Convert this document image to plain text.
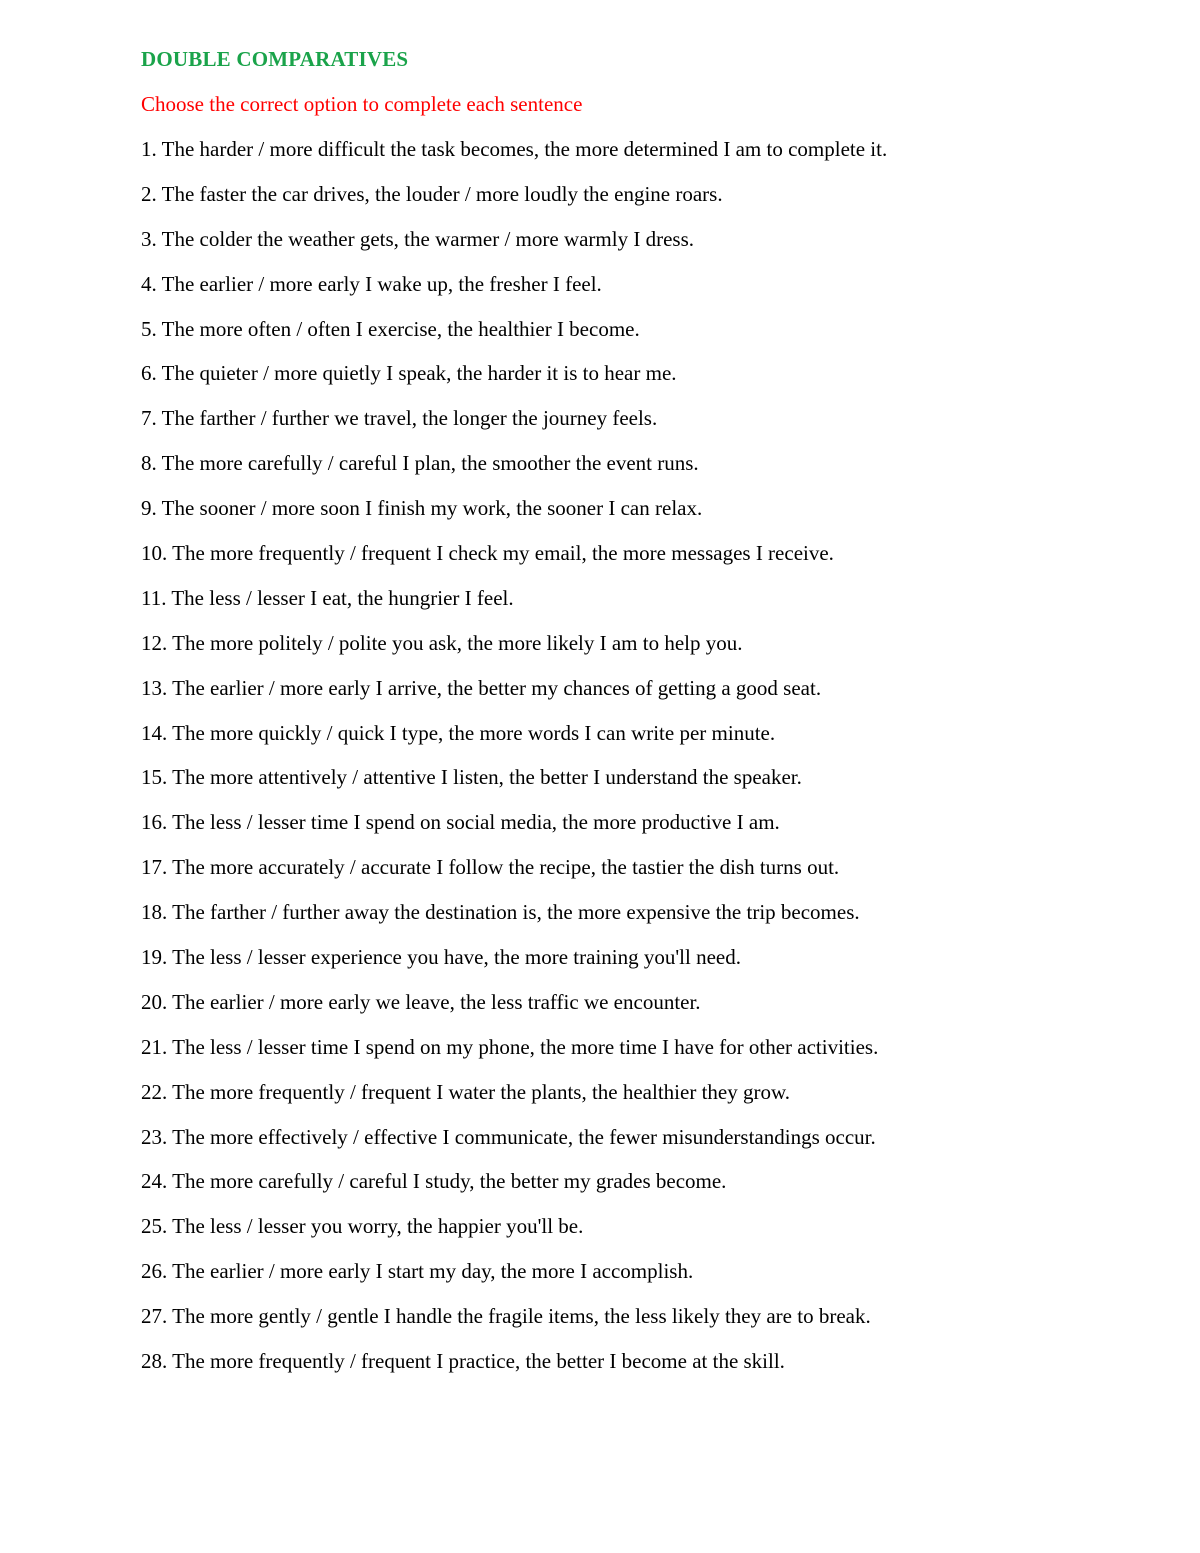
DOUBLE COMPARATIVES

Choose the correct option to complete each sentence

1. The harder / more difficult the task becomes, the more determined I am to complete it.
2. The faster the car drives, the louder / more loudly the engine roars.
3. The colder the weather gets, the warmer / more warmly I dress.
4. The earlier / more early I wake up, the fresher I feel.
5. The more often / often I exercise, the healthier I become.
6. The quieter / more quietly I speak, the harder it is to hear me.
7. The farther / further we travel, the longer the journey feels.
8. The more carefully / careful I plan, the smoother the event runs.
9. The sooner / more soon I finish my work, the sooner I can relax.
10. The more frequently / frequent I check my email, the more messages I receive.
11. The less / lesser I eat, the hungrier I feel.
12. The more politely / polite you ask, the more likely I am to help you.
13. The earlier / more early I arrive, the better my chances of getting a good seat.
14. The more quickly / quick I type, the more words I can write per minute.
15. The more attentively / attentive I listen, the better I understand the speaker.
16. The less / lesser time I spend on social media, the more productive I am.
17. The more accurately / accurate I follow the recipe, the tastier the dish turns out.
18. The farther / further away the destination is, the more expensive the trip becomes.
19. The less / lesser experience you have, the more training you'll need.
20. The earlier / more early we leave, the less traffic we encounter.
21. The less / lesser time I spend on my phone, the more time I have for other activities.
22. The more frequently / frequent I water the plants, the healthier they grow.
23. The more effectively / effective I communicate, the fewer misunderstandings occur.
24. The more carefully / careful I study, the better my grades become.
25. The less / lesser you worry, the happier you'll be.
26. The earlier / more early I start my day, the more I accomplish.
27. The more gently / gentle I handle the fragile items, the less likely they are to break.
28. The more frequently / frequent I practice, the better I become at the skill.
